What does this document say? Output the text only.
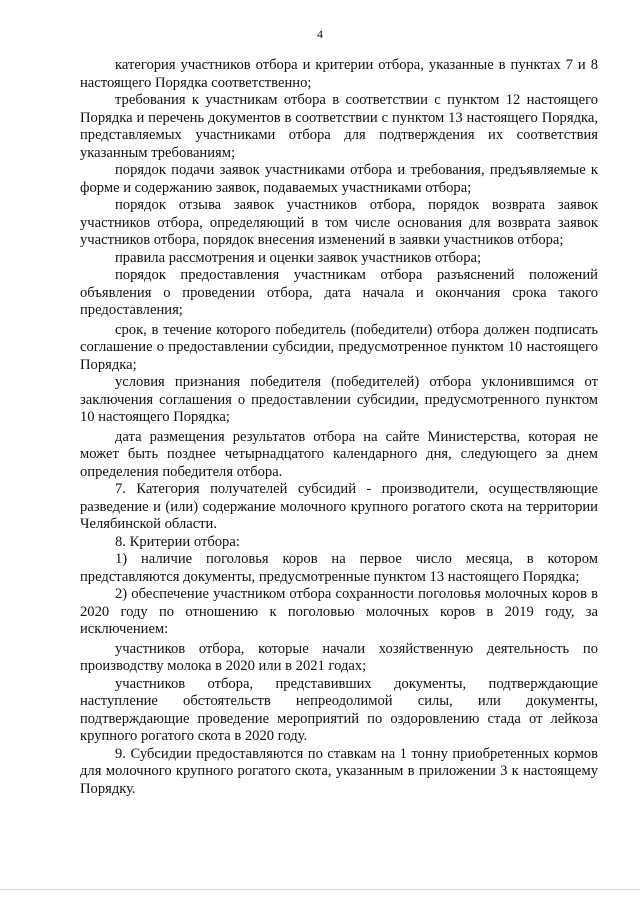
4

категория участников отбора и критерии отбора, указанные в пунктах 7 и 8 настоящего Порядка соответственно;

требования к участникам отбора в соответствии с пунктом 12 настоящего Порядка и перечень документов в соответствии с пунктом 13 настоящего Порядка, представляемых участниками отбора для подтверждения их соответствия указанным требованиям;

порядок подачи заявок участниками отбора и требования, предъявляемые к форме и содержанию заявок, подаваемых участниками отбора;

порядок отзыва заявок участников отбора, порядок возврата заявок участников отбора, определяющий в том числе основания для возврата заявок участников отбора, порядок внесения изменений в заявки участников отбора;

правила рассмотрения и оценки заявок участников отбора;

порядок предоставления участникам отбора разъяснений положений объявления о проведении отбора, дата начала и окончания срока такого предоставления;

срок, в течение которого победитель (победители) отбора должен подписать соглашение о предоставлении субсидии, предусмотренное пунктом 10 настоящего Порядка;

условия признания победителя (победителей) отбора уклонившимся от заключения соглашения о предоставлении субсидии, предусмотренного пунктом 10 настоящего Порядка;

дата размещения результатов отбора на сайте Министерства, которая не может быть позднее четырнадцатого календарного дня, следующего за днем определения победителя отбора.

7. Категория получателей субсидий - производители, осуществляющие разведение и (или) содержание молочного крупного рогатого скота на территории Челябинской области.

8. Критерии отбора:

1) наличие поголовья коров на первое число месяца, в котором представляются документы, предусмотренные пунктом 13 настоящего Порядка;

2) обеспечение участником отбора сохранности поголовья молочных коров в 2020 году по отношению к поголовью молочных коров в 2019 году, за исключением:

участников отбора, которые начали хозяйственную деятельность по производству молока в 2020 или в 2021 годах;

участников отбора, представивших документы, подтверждающие наступление обстоятельств непреодолимой силы, или документы, подтверждающие проведение мероприятий по оздоровлению стада от лейкоза крупного рогатого скота в 2020 году.

9. Субсидии предоставляются по ставкам на 1 тонну приобретенных кормов для молочного крупного рогатого скота, указанным в приложении 3 к настоящему Порядку.
